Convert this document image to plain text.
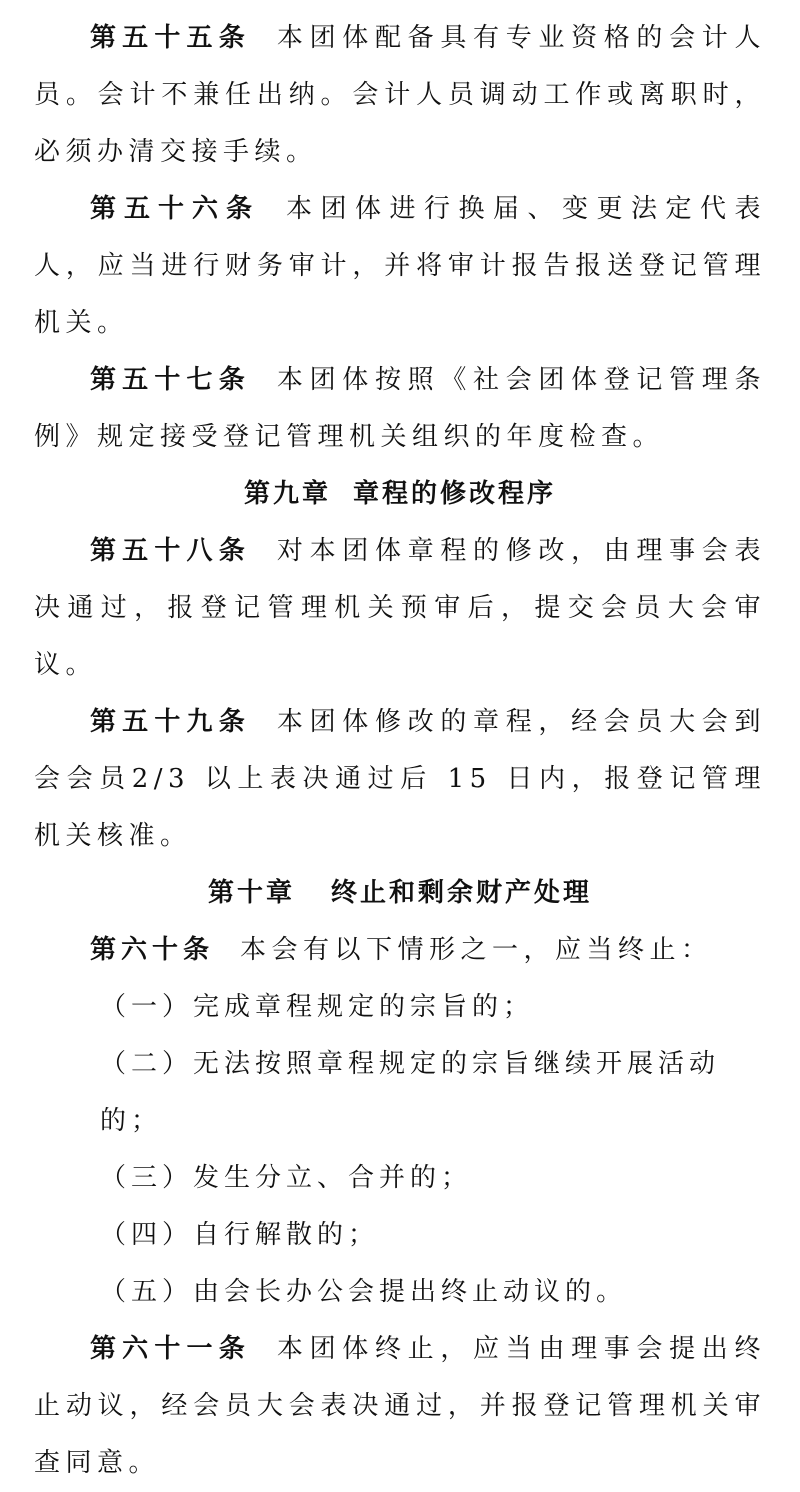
第五十五条 本团体配备具有专业资格的会计人员。会计不兼任出纳。会计人员调动工作或离职时，必须办清交接手续。

第五十六条 本团体进行换届、变更法定代表人，应当进行财务审计，并将审计报告报送登记管理机关。

第五十七条 本团体按照《社会团体登记管理条例》规定接受登记管理机关组织的年度检查。

第九章 章程的修改程序

第五十八条 对本团体章程的修改，由理事会表决通过，报登记管理机关预审后，提交会员大会审议。

第五十九条 本团体修改的章程，经会员大会到会会员2/3 以上表决通过后 15 日内，报登记管理机关核准。

第十章 终止和剩余财产处理

第六十条 本会有以下情形之一，应当终止：

（一）完成章程规定的宗旨的；

（二）无法按照章程规定的宗旨继续开展活动的；

（三）发生分立、合并的；

（四）自行解散的；

（五）由会长办公会提出终止动议的。

第六十一条 本团体终止，应当由理事会提出终止动议，经会员大会表决通过，并报登记管理机关审查同意。
